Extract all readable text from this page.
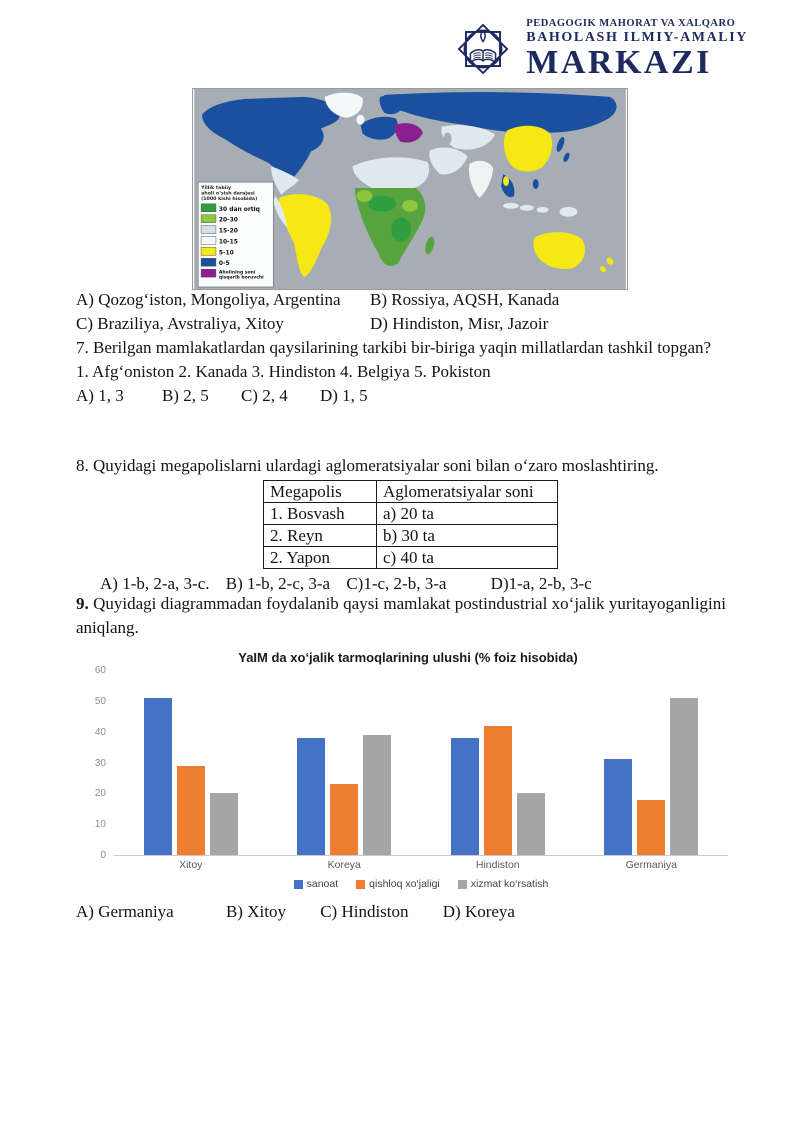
PEDAGOGIK MAHORAT VA XALQARO
BAHOLASH ILMIY-AMALIY
MARKAZI
Yillik tabiiy
aholi o‘sish darajasi
(1000 kishi hisobida)
30 dan ortiq
20-30
15-20
10-15
5-10
0-5
Aholining soni
qisqarib boruvchi
A) Qozog‘iston, Mongoliya, Argentina	B) Rossiya, AQSH, Kanada
C) Braziliya, Avstraliya, Xitoy	D) Hindiston, Misr, Jazoir

7. Berilgan mamlakatlardan qaysilarining tarkibi bir-biriga yaqin millatlardan tashkil topgan?

1. Afg‘oniston 2. Kanada 3. Hindiston 4. Belgiya 5. Pokiston
A) 1, 3 B) 2, 5 C) 2, 4 D) 1, 5
8. Quyidagi megapolislarni ulardagi aglomeratsiyalar soni bilan o‘zaro moslashtiring.
Megapolis	Aglomeratsiyalar soni
1. Bosvash	a) 20 ta
2. Reyn	b) 30 ta
2. Yapon	c) 40 ta
A) 1-b, 2-a, 3-c. B) 1-b, 2-c, 3-a C)1-c, 2-b, 3-a	D)1-a, 2-b, 3-c

9. Quyidagi diagrammadan foydalanib qaysi mamlakat postindustrial xo‘jalik yuritayoganligini aniqlang.

YaIM da xo‘jalik tarmoqlarining ulushi (% foiz hisobida)
0
10
20
30
40
50
60
Xitoy	Koreya	Hindiston	Germaniya
sanoat	qishloq xo‘jaligi	xizmat ko‘rsatish
A) Germaniya	B) Xitoy C) Hindiston D) Koreya
